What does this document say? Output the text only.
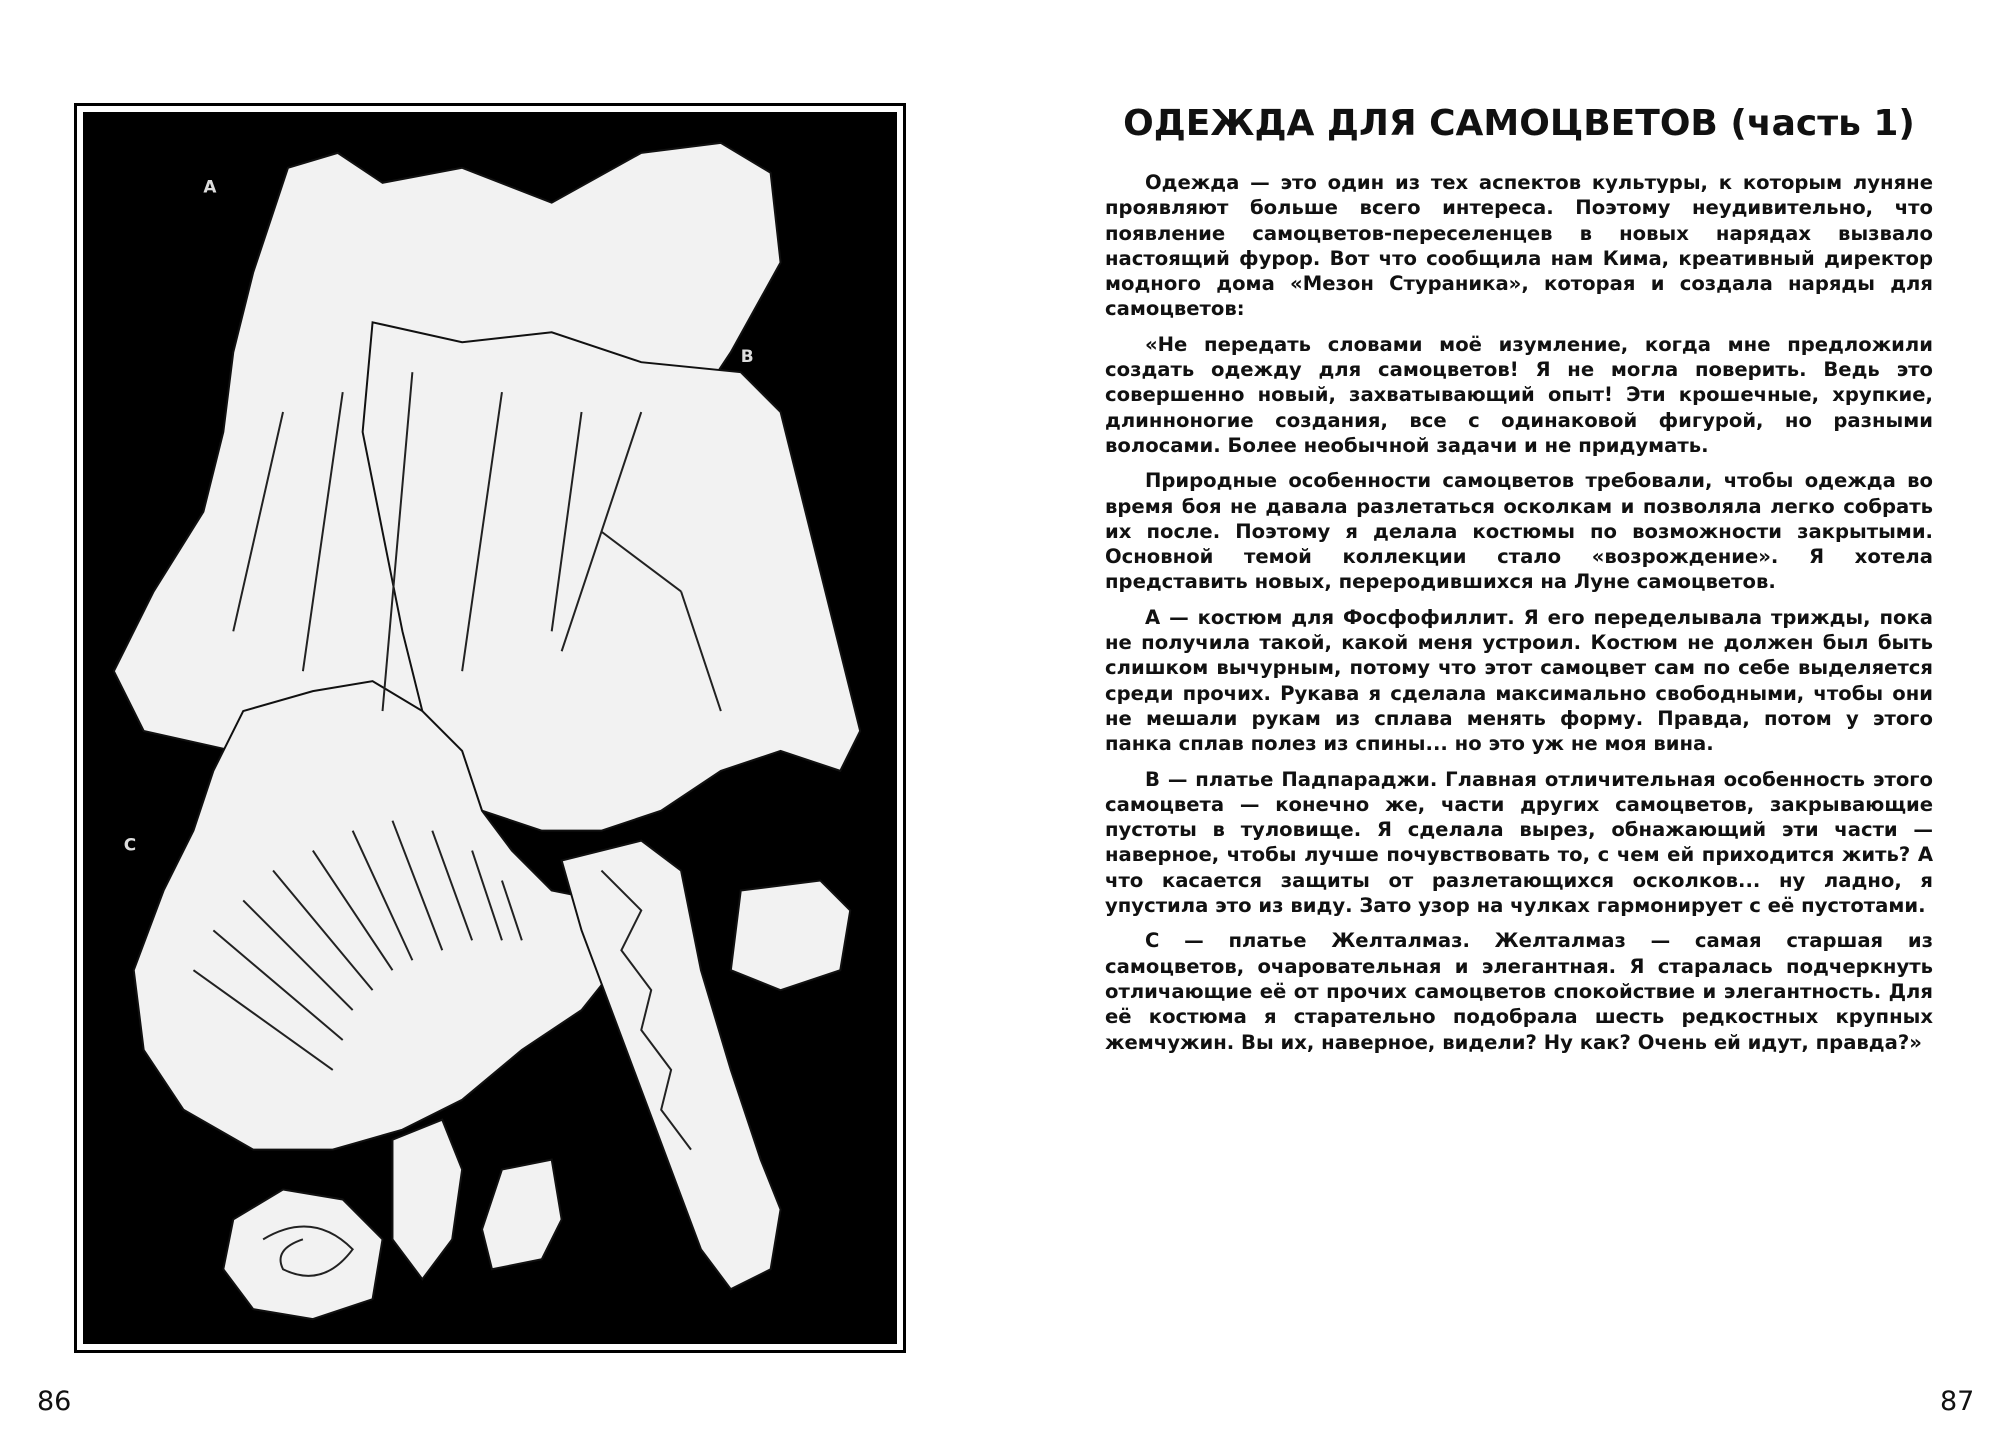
A
B
C
86
ОДЕЖДА ДЛЯ САМОЦВЕТОВ (часть 1)

Одежда — это один из тех аспектов культуры, к которым луняне проявляют больше всего интереса. Поэтому неудивительно, что появление самоцветов-переселенцев в новых нарядах вызвало настоящий фурор. Вот что сообщила нам Кима, креативный директор модного дома «Мезон Стураника», которая и создала наряды для самоцветов:

«Не передать словами моё изумление, когда мне предложили создать одежду для самоцветов! Я не могла поверить. Ведь это совершенно новый, захватывающий опыт! Эти крошечные, хрупкие, длинноногие создания, все с одинаковой фигурой, но разными волосами. Более необычной задачи и не придумать.

Природные особенности самоцветов требовали, чтобы одежда во время боя не давала разлетаться осколкам и позволяла легко собрать их после. Поэтому я делала костюмы по возможности закрытыми. Основной темой коллекции стало «возрождение». Я хотела представить новых, переродившихся на Луне самоцветов.

A — костюм для Фосфофиллит. Я его переделывала трижды, пока не получила такой, какой меня устроил. Костюм не должен был быть слишком вычурным, потому что этот самоцвет сам по себе выделяется среди прочих. Рукава я сделала максимально свободными, чтобы они не мешали рукам из сплава менять форму. Правда, потом у этого панка сплав полез из спины... но это уж не моя вина.

B — платье Падпараджи. Главная отличительная особенность этого самоцвета — конечно же, части других самоцветов, закрывающие пустоты в туловище. Я сделала вырез, обнажающий эти части — наверное, чтобы лучше почувствовать то, с чем ей приходится жить? А что касается защиты от разлетающихся осколков... ну ладно, я упустила это из виду. Зато узор на чулках гармонирует с её пустотами.

C — платье Желталмаз. Желталмаз — самая старшая из самоцветов, очаровательная и элегантная. Я старалась подчеркнуть отличающие её от прочих самоцветов спокойствие и элегантность. Для её костюма я старательно подобрала шесть редкостных крупных жемчужин. Вы их, наверное, видели? Ну как? Очень ей идут, правда?»

87
